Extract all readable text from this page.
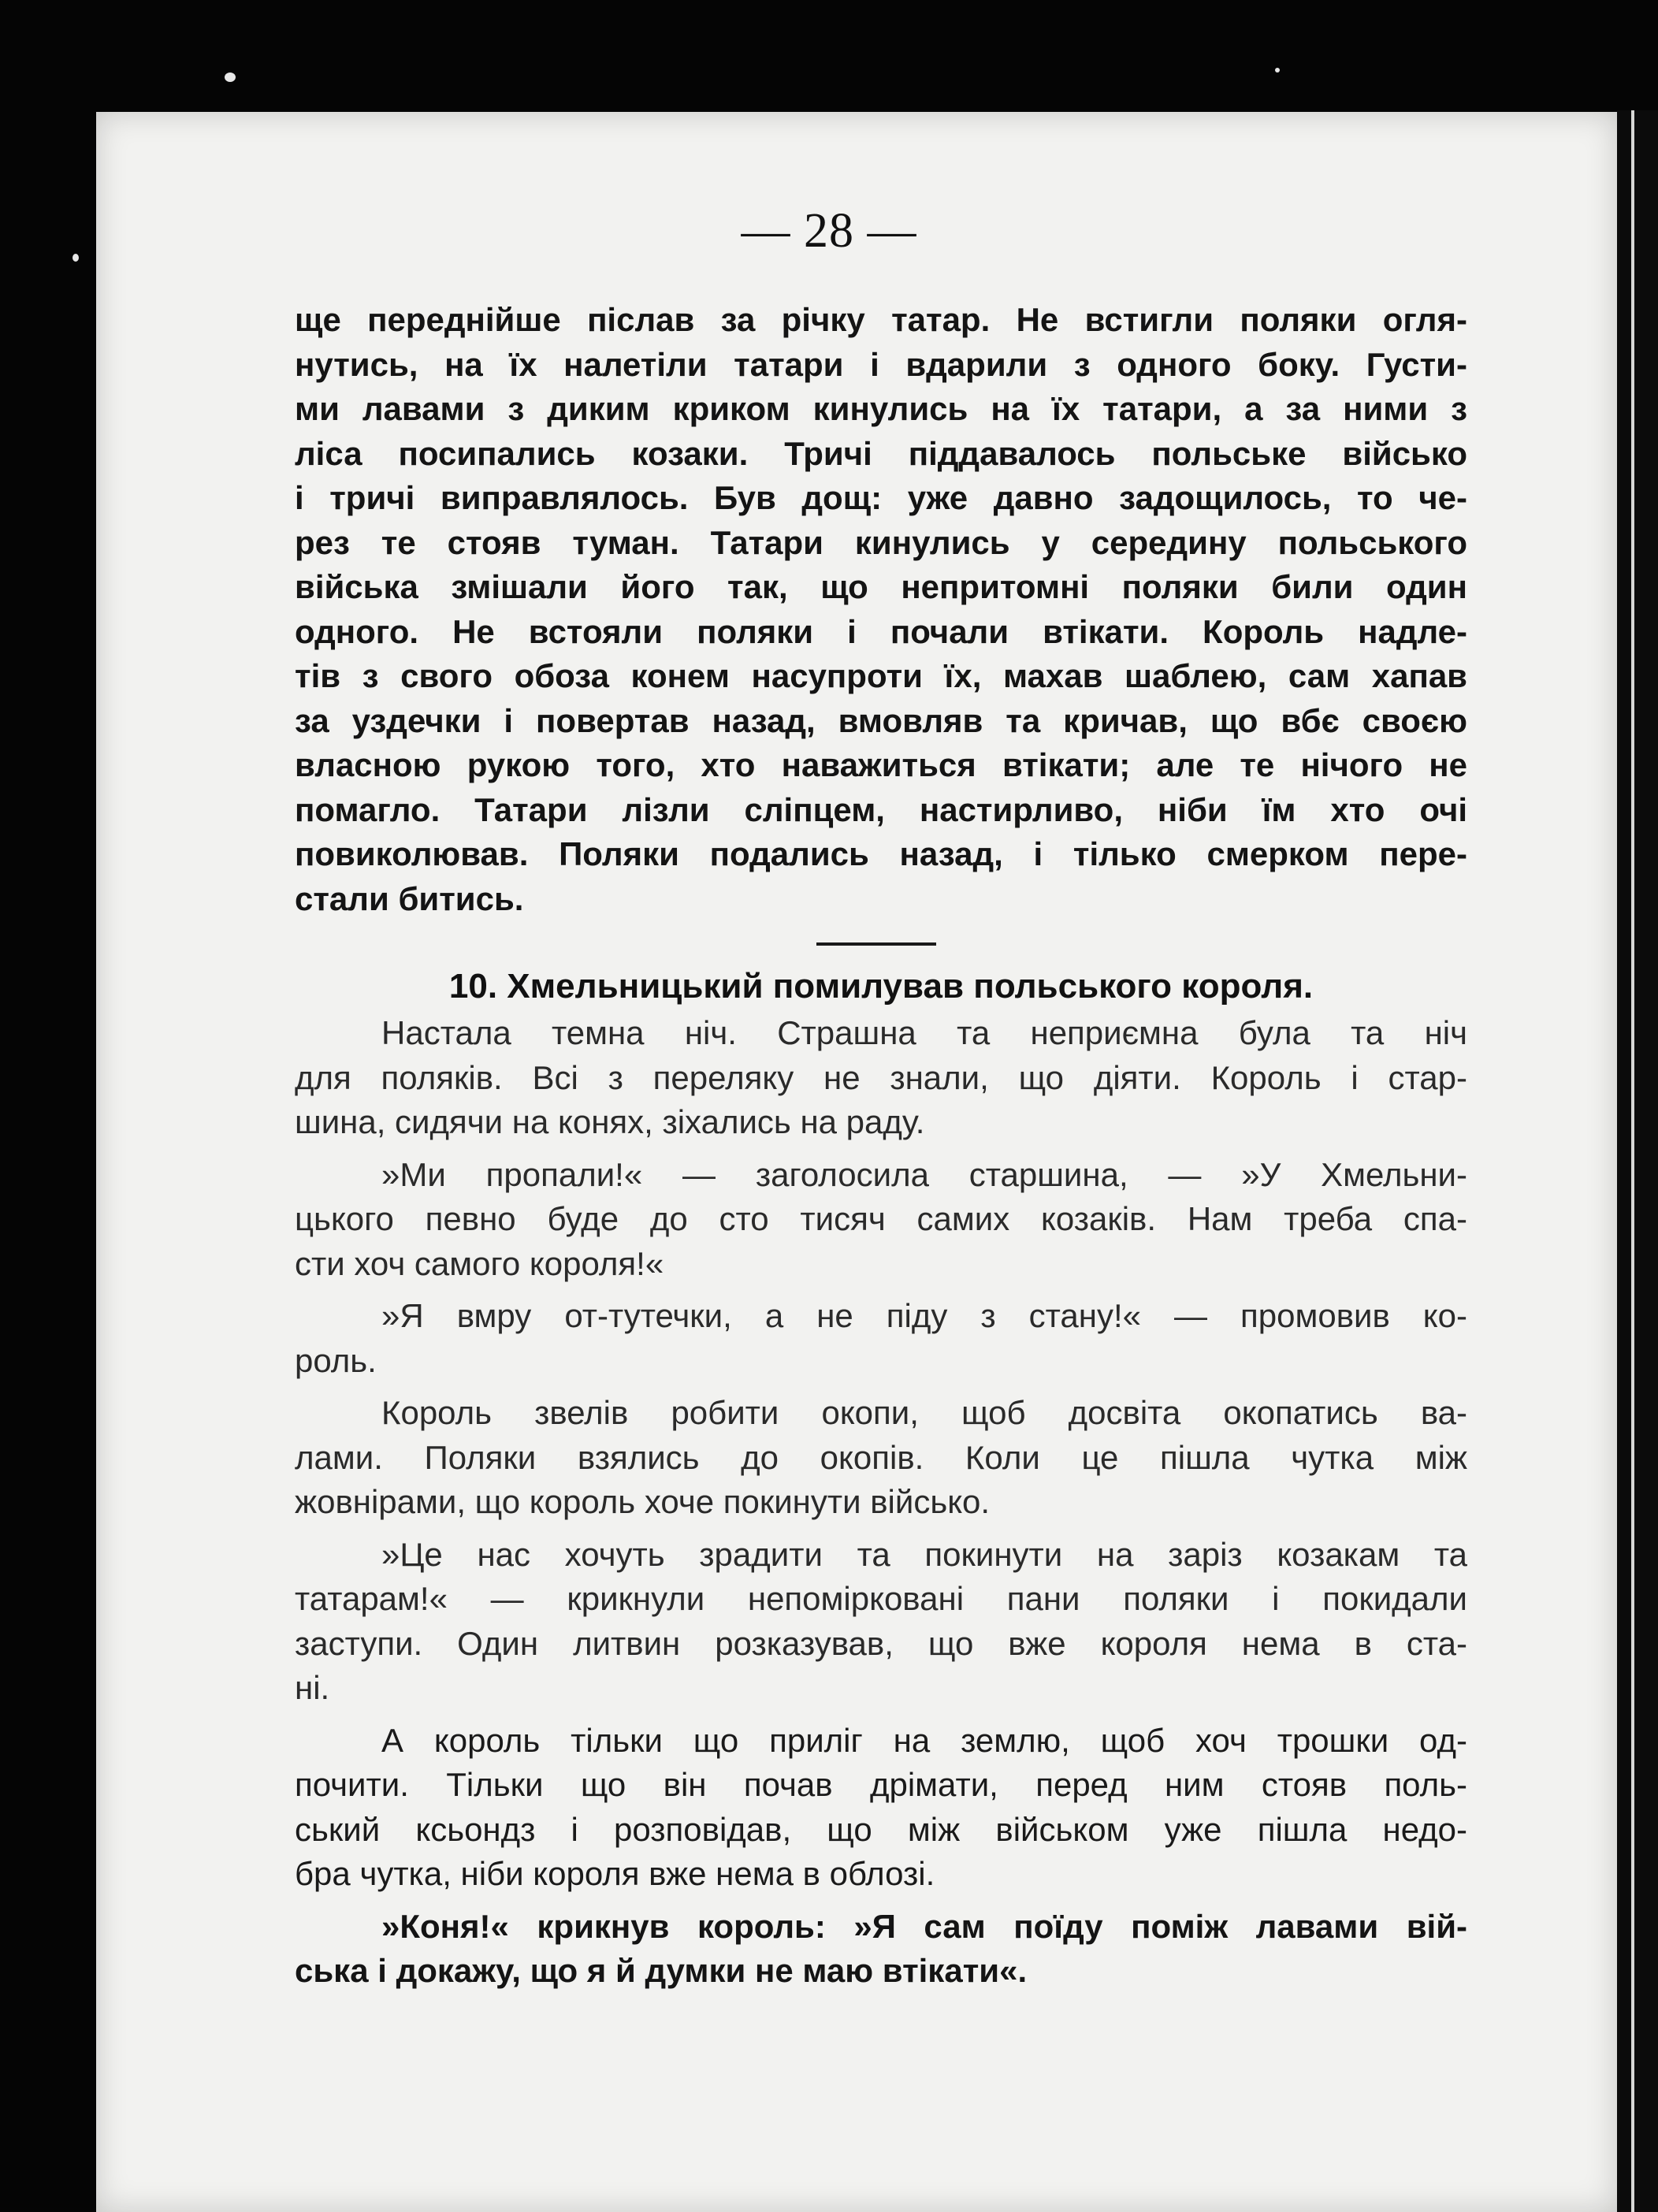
— 28 —
ще переднійше післав за річку татар. Не встигли поляки огля-
нутись, на їх налетіли татари і вдарили з одного боку. Густи-
ми лавами з диким криком кинулись на їх татари, а за ними з
ліса посипались козаки. Тричі піддавалось польське військо
і тричі виправлялось. Був дощ: уже давно задощилось, то че-
рез те стояв туман. Татари кинулись у середину польського
війська змішали його так, що непритомні поляки били один
одного. Не встояли поляки і почали втікати. Король надле-
тів з свого обоза конем насупроти їх, махав шаблею, сам хапав
за уздечки і повертав назад, вмовляв та кричав, що вбє своєю
власною рукою того, хто наважиться втікати; але те нічого не
помагло. Татари лізли сліпцем, настирливо, ніби їм хто очі
повиколював. Поляки подались назад, і тілько смерком пере-
стали битись.
10. Хмельницький помилував польського короля.
Настала темна ніч. Страшна та неприємна була та ніч
для поляків. Всі з переляку не знали, що діяти. Король і стар-
шина, сидячи на конях, зіхались на раду.
»Ми пропали!« — заголосила старшина, — »У Хмельни-
цького певно буде до сто тисяч самих козаків. Нам треба спа-
сти хоч самого короля!«
»Я вмру от-тутечки, а не піду з стану!« — промовив ко-
роль.
Король звелів робити окопи, щоб досвіта окопатись ва-
лами. Поляки взялись до окопів. Коли це пішла чутка між
жовнірами, що король хоче покинути військо.
»Це нас хочуть зрадити та покинути на заріз козакам та
татарам!« — крикнули непоміркованi пани поляки і покидали
заступи. Один литвин розказував, що вже короля нема в ста-
ні.
А король тільки що приліг на землю, щоб хоч трошки од-
почити. Тільки що він почав дрімати, перед ним стояв поль-
ський ксьондз і розповідав, що між військом уже пішла недо-
бра чутка, ніби короля вже нема в облозі.
»Коня!« крикнув король: »Я сам поїду поміж лавами вій-
ська і докажу, що я й думки не маю втікати«.
